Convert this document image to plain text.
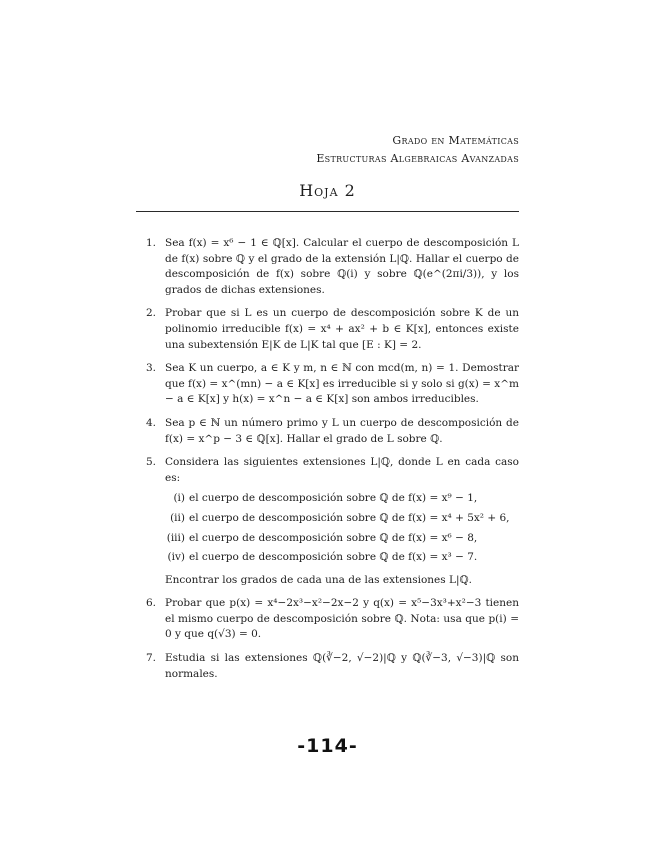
Grado en Matemáticas
Estructuras Algebraicas Avanzadas
Hoja 2
1. Sea f(x) = x⁶ − 1 ∈ ℚ[x]. Calcular el cuerpo de descomposición L de f(x) sobre ℚ y el grado de la extensión L|ℚ. Hallar el cuerpo de descomposición de f(x) sobre ℚ(i) y sobre ℚ(e^(2πi/3)), y los grados de dichas extensiones.
2. Probar que si L es un cuerpo de descomposición sobre K de un polinomio irreducible f(x) = x⁴ + ax² + b ∈ K[x], entonces existe una subextensión E|K de L|K tal que [E : K] = 2.
3. Sea K un cuerpo, a ∈ K y m, n ∈ ℕ con mcd(m, n) = 1. Demostrar que f(x) = x^(mn) − a ∈ K[x] es irreducible si y solo si g(x) = x^m − a ∈ K[x] y h(x) = x^n − a ∈ K[x] son ambos irreducibles.
4. Sea p ∈ ℕ un número primo y L un cuerpo de descomposición de f(x) = x^p − 3 ∈ ℚ[x]. Hallar el grado de L sobre ℚ.
5. Considera las siguientes extensiones L|ℚ, donde L en cada caso es:
(i) el cuerpo de descomposición sobre ℚ de f(x) = x⁹ − 1,
(ii) el cuerpo de descomposición sobre ℚ de f(x) = x⁴ + 5x² + 6,
(iii) el cuerpo de descomposición sobre ℚ de f(x) = x⁶ − 8,
(iv) el cuerpo de descomposición sobre ℚ de f(x) = x³ − 7.
Encontrar los grados de cada una de las extensiones L|ℚ.
6. Probar que p(x) = x⁴−2x³−x²−2x−2 y q(x) = x⁵−3x³+x²−3 tienen el mismo cuerpo de descomposición sobre ℚ. Nota: usa que p(i) = 0 y que q(√3) = 0.
7. Estudia si las extensiones ℚ(∛−2, √−2)|ℚ y ℚ(∛−3, √−3)|ℚ son normales.
-114-
